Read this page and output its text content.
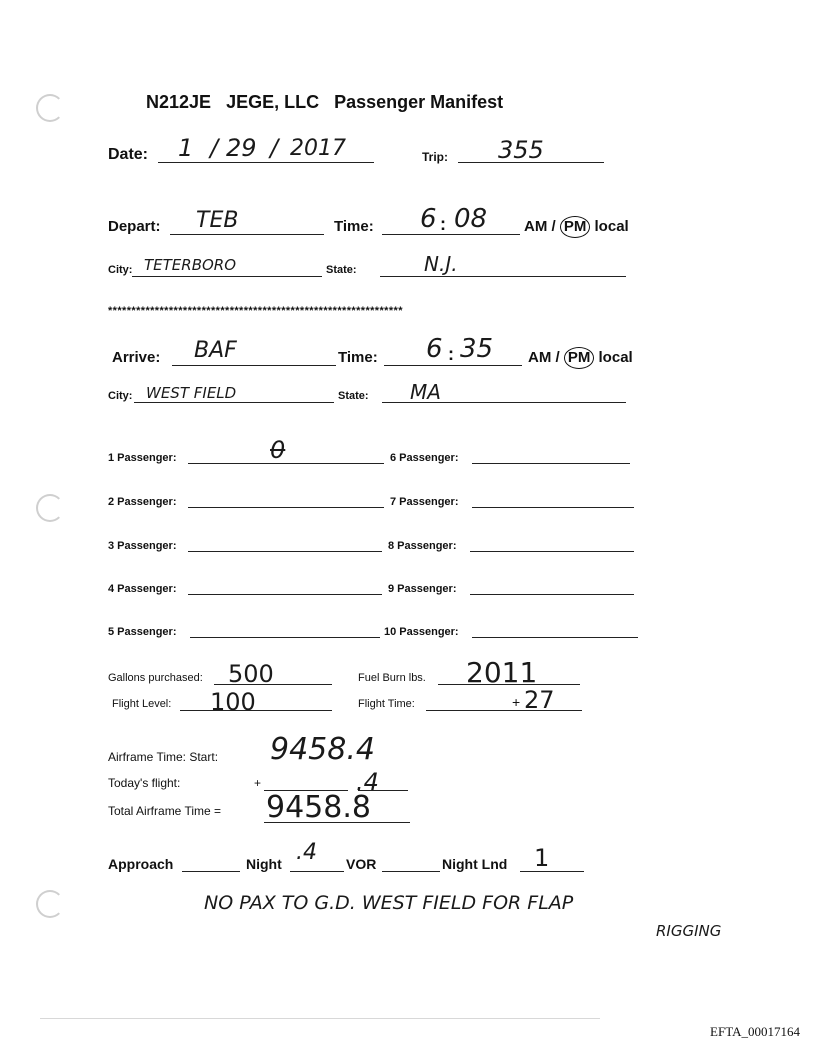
N212JE JEGE, LLC Passenger Manifest
Date: 1 / 29 / 2017	Trip: 355
Depart: TEB	Time: 6 : 08 AM / PM local
City: TETERBORO	State:	N.J.
***************************************************************
Arrive: BAF	Time: 6 : 35 AM / PM local
City: WEST FIELD	State: MA
1 Passenger:	0	6 Passenger:
2 Passenger:	7 Passenger:
3 Passenger:	8 Passenger:
4 Passenger:	9 Passenger:
5 Passenger:	10 Passenger:
Gallons purchased: 500	Fuel Burn lbs. 2011
Flight Level: 100	Flight Time:	+ 27
Airframe Time: Start: 9458.4
Today's flight:	+	.4
Total Airframe Time = 9458.8
Approach	Night .4 VOR	Night Lnd 1
NO PAX TO G.D. WEST FIELD FOR FLAP
RIGGING
EFTA_00017164
